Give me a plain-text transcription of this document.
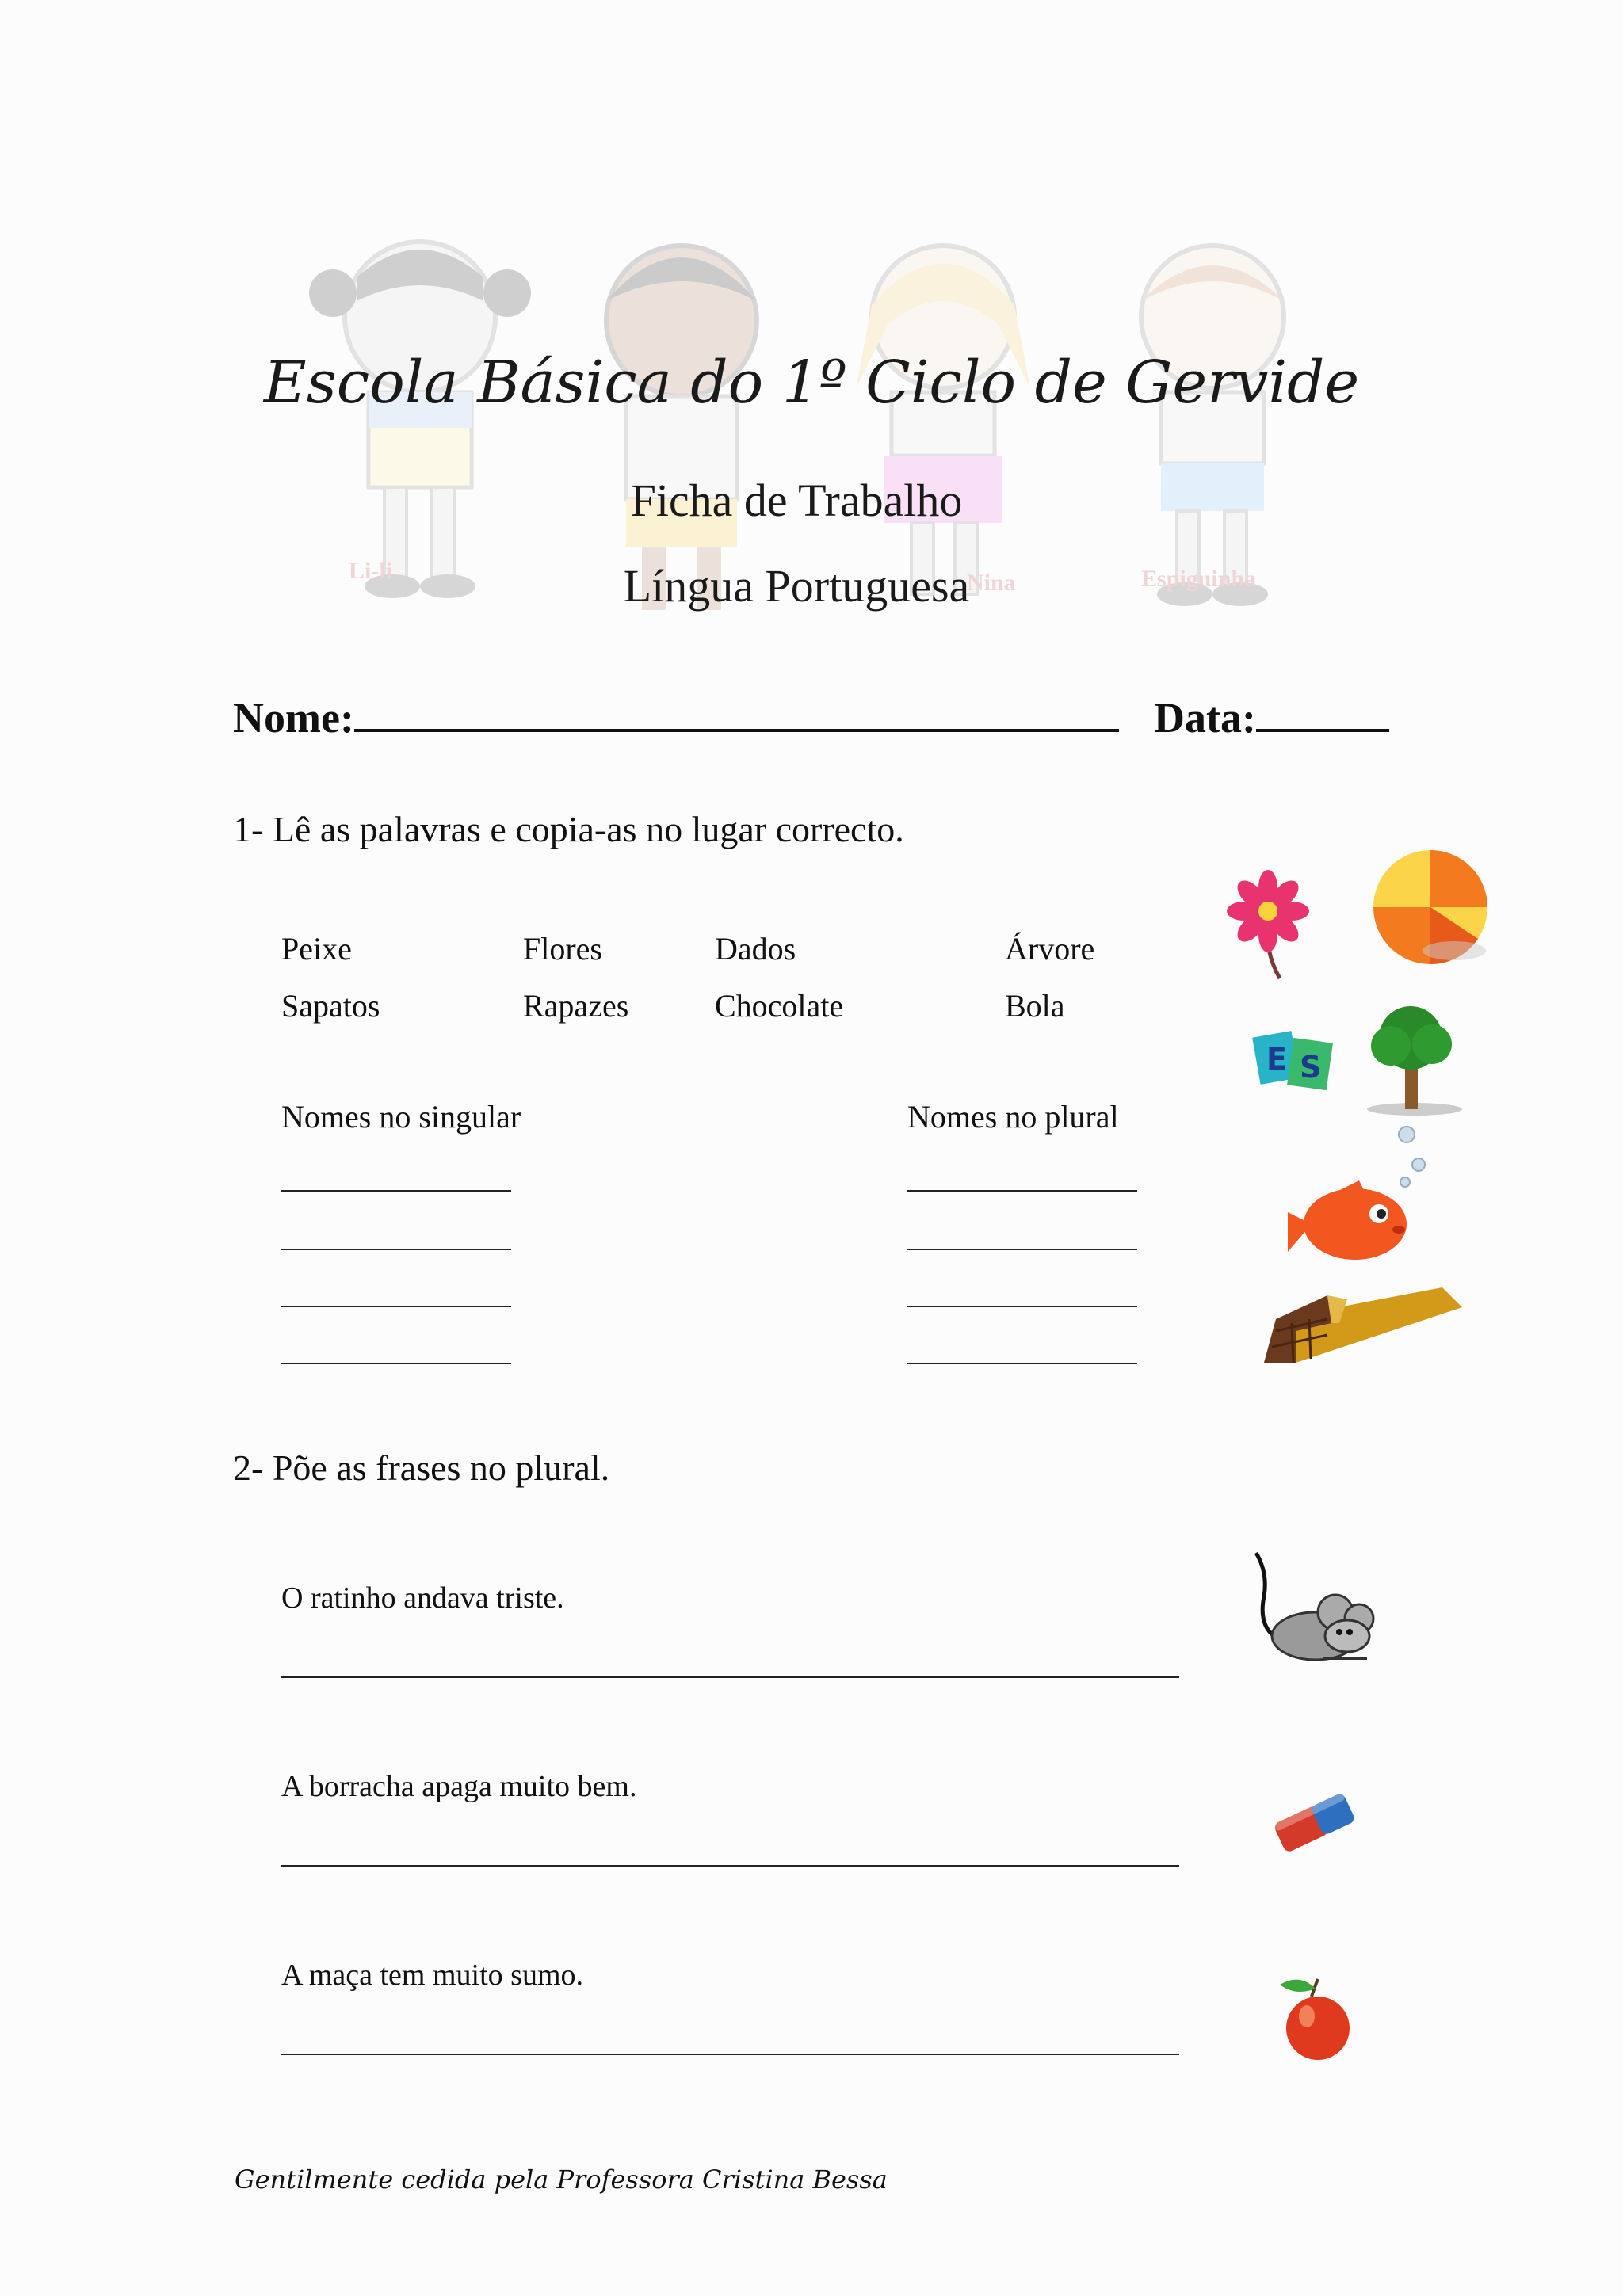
Li-li	Nina	Espiguinha
Escola Básica do 1º Ciclo de Gervide
Ficha de Trabalho
Língua Portuguesa
Nome:	Data:
1- Lê as palavras e copia-as no lugar correcto.
Peixe	Flores	Dados	Árvore
Sapatos	Rapazes	Chocolate	Bola
Nomes no singular	Nomes no plural
E S
2- Põe as frases no plural.
O ratinho andava triste.
A borracha apaga muito bem.
A maça tem muito sumo.
Gentilmente cedida pela Professora Cristina Bessa
